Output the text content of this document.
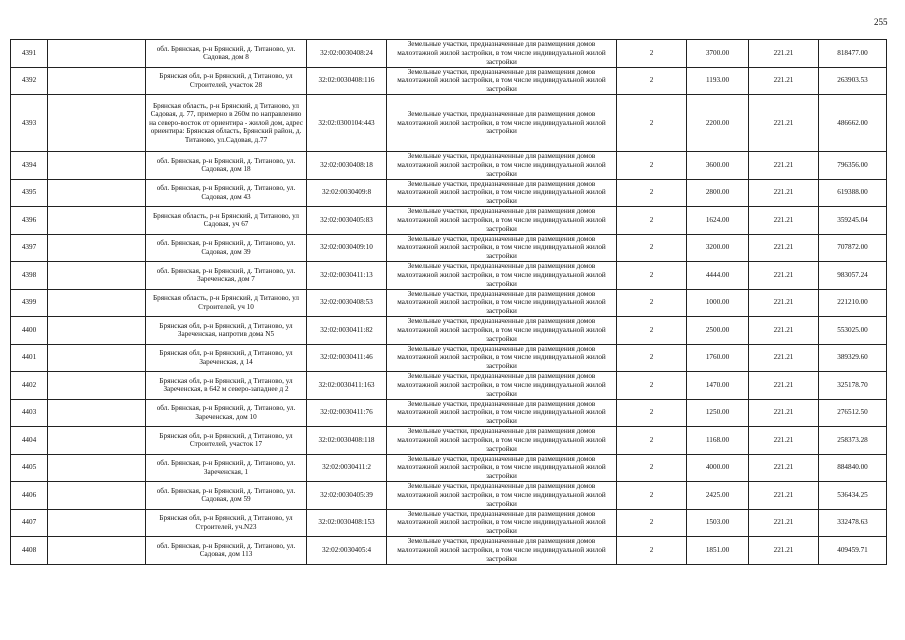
255
4391		обл. Брянская, р-н Брянский, д. Титаново, ул. Садовая, дом 8	32:02:0030408:24	Земельные участки, предназначенные для размещения домов малоэтажной жилой застройки, в том числе индивидуальной жилой застройки	2	3700.00	221.21	818477.00
4392		Брянская обл, р-н Брянский, д Титаново, ул Строителей, участок 28	32:02:0030408:116	Земельные участки, предназначенные для размещения домов малоэтажной жилой застройки, в том числе индивидуальной жилой застройки	2	1193.00	221.21	263903.53
4393		Брянская область, р-н Брянский, д Титаново, ул Садовая, д. 77, примерно в 260м по направлению на северо-восток от ориентира - жилой дом, адрес ориентира: Брянская область, Брянский район, д. Титаново, ул.Садовая, д.77	32:02:0300104:443	Земельные участки, предназначенные для размещения домов малоэтажной жилой застройки, в том числе индивидуальной жилой застройки	2	2200.00	221.21	486662.00
4394		обл. Брянская, р-н Брянский, д. Титаново, ул. Садовая, дом 18	32:02:0030408:18	Земельные участки, предназначенные для размещения домов малоэтажной жилой застройки, в том числе индивидуальной жилой застройки	2	3600.00	221.21	796356.00
4395		обл. Брянская, р-н Брянский, д. Титаново, ул. Садовая, дом 43	32:02:0030409:8	Земельные участки, предназначенные для размещения домов малоэтажной жилой застройки, в том числе индивидуальной жилой застройки	2	2800.00	221.21	619388.00
4396		Брянская область, р-н Брянский, д Титаново, ул Садовая, уч 67	32:02:0030405:83	Земельные участки, предназначенные для размещения домов малоэтажной жилой застройки, в том числе индивидуальной жилой застройки	2	1624.00	221.21	359245.04
4397		обл. Брянская, р-н Брянский, д. Титаново, ул. Садовая, дом 39	32:02:0030409:10	Земельные участки, предназначенные для размещения домов малоэтажной жилой застройки, в том числе индивидуальной жилой застройки	2	3200.00	221.21	707872.00
4398		обл. Брянская, р-н Брянский, д. Титаново, ул. Зареченская, дом 7	32:02:0030411:13	Земельные участки, предназначенные для размещения домов малоэтажной жилой застройки, в том числе индивидуальной жилой застройки	2	4444.00	221.21	983057.24
4399		Брянская область, р-н Брянский, д Титаново, ул Строителей, уч 10	32:02:0030408:53	Земельные участки, предназначенные для размещения домов малоэтажной жилой застройки, в том числе индивидуальной жилой застройки	2	1000.00	221.21	221210.00
4400		Брянская обл, р-н Брянский, д Титаново, ул Зареченская, напротив дома N5	32:02:0030411:82	Земельные участки, предназначенные для размещения домов малоэтажной жилой застройки, в том числе индивидуальной жилой застройки	2	2500.00	221.21	553025.00
4401		Брянская обл, р-н Брянский, д Титаново, ул Зареченская, д 14	32:02:0030411:46	Земельные участки, предназначенные для размещения домов малоэтажной жилой застройки, в том числе индивидуальной жилой застройки	2	1760.00	221.21	389329.60
4402		Брянская обл, р-н Брянский, д Титаново, ул Зареченская, в 642 м северо-западнее д 2	32:02:0030411:163	Земельные участки, предназначенные для размещения домов малоэтажной жилой застройки, в том числе индивидуальной жилой застройки	2	1470.00	221.21	325178.70
4403		обл. Брянская, р-н Брянский, д. Титаново, ул. Зареченская, дом 10	32:02:0030411:76	Земельные участки, предназначенные для размещения домов малоэтажной жилой застройки, в том числе индивидуальной жилой застройки	2	1250.00	221.21	276512.50
4404		Брянская обл, р-н Брянский, д Титаново, ул Строителей, участок 17	32:02:0030408:118	Земельные участки, предназначенные для размещения домов малоэтажной жилой застройки, в том числе индивидуальной жилой застройки	2	1168.00	221.21	258373.28
4405		обл. Брянская, р-н Брянский, д. Титаново, ул. Зареченская, 1	32:02:0030411:2	Земельные участки, предназначенные для размещения домов малоэтажной жилой застройки, в том числе индивидуальной жилой застройки	2	4000.00	221.21	884840.00
4406		обл. Брянская, р-н Брянский, д. Титаново, ул. Садовая, дом 59	32:02:0030405:39	Земельные участки, предназначенные для размещения домов малоэтажной жилой застройки, в том числе индивидуальной жилой застройки	2	2425.00	221.21	536434.25
4407		Брянская обл, р-н Брянский, д Титаново, ул Строителей, уч.N23	32:02:0030408:153	Земельные участки, предназначенные для размещения домов малоэтажной жилой застройки, в том числе индивидуальной жилой застройки	2	1503.00	221.21	332478.63
4408		обл. Брянская, р-н Брянский, д. Титаново, ул. Садовая, дом 113	32:02:0030405:4	Земельные участки, предназначенные для размещения домов малоэтажной жилой застройки, в том числе индивидуальной жилой застройки	2	1851.00	221.21	409459.71
